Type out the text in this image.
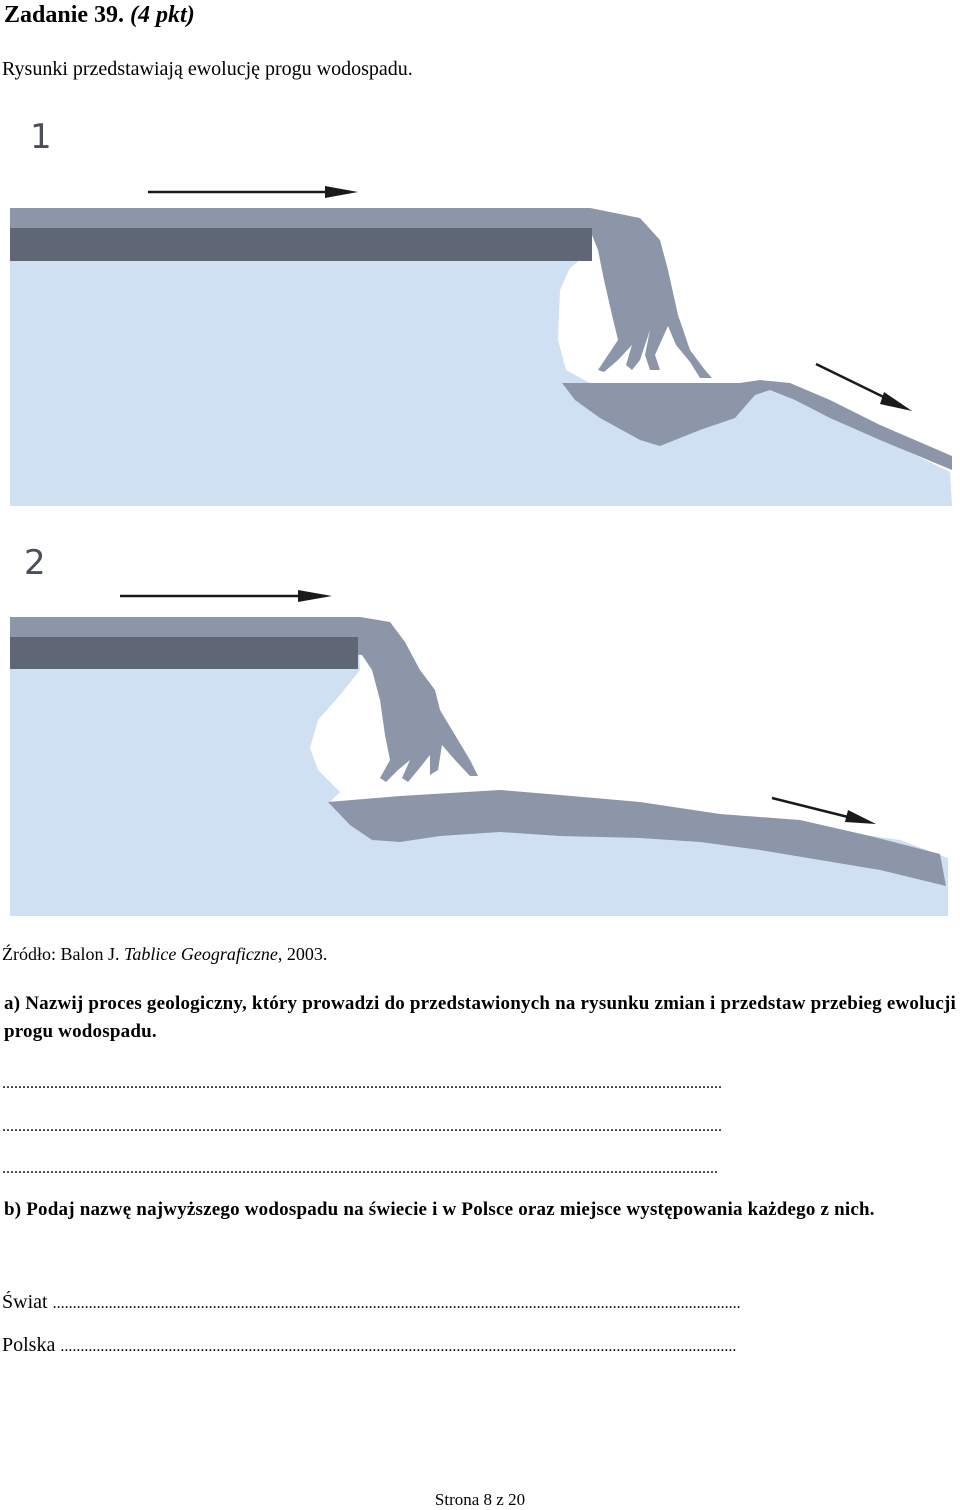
Zadanie 39. (4 pkt)
Rysunki przedstawiają ewolucję progu wodospadu.
1
2
Źródło: Balon J. Tablice Geograficzne, 2003.
a) Nazwij proces geologiczny, który prowadzi do przedstawionych na rysunku zmian i przedstaw przebieg ewolucji progu wodospadu.
....................................................................................................................................................................................
....................................................................................................................................................................................
...................................................................................................................................................................................
b) Podaj nazwę najwyższego wodospadu na świecie i w Polsce oraz miejsce występowania każdego z nich.
Świat ............................................................................................................................................................................
Polska .........................................................................................................................................................................
Strona 8 z 20
